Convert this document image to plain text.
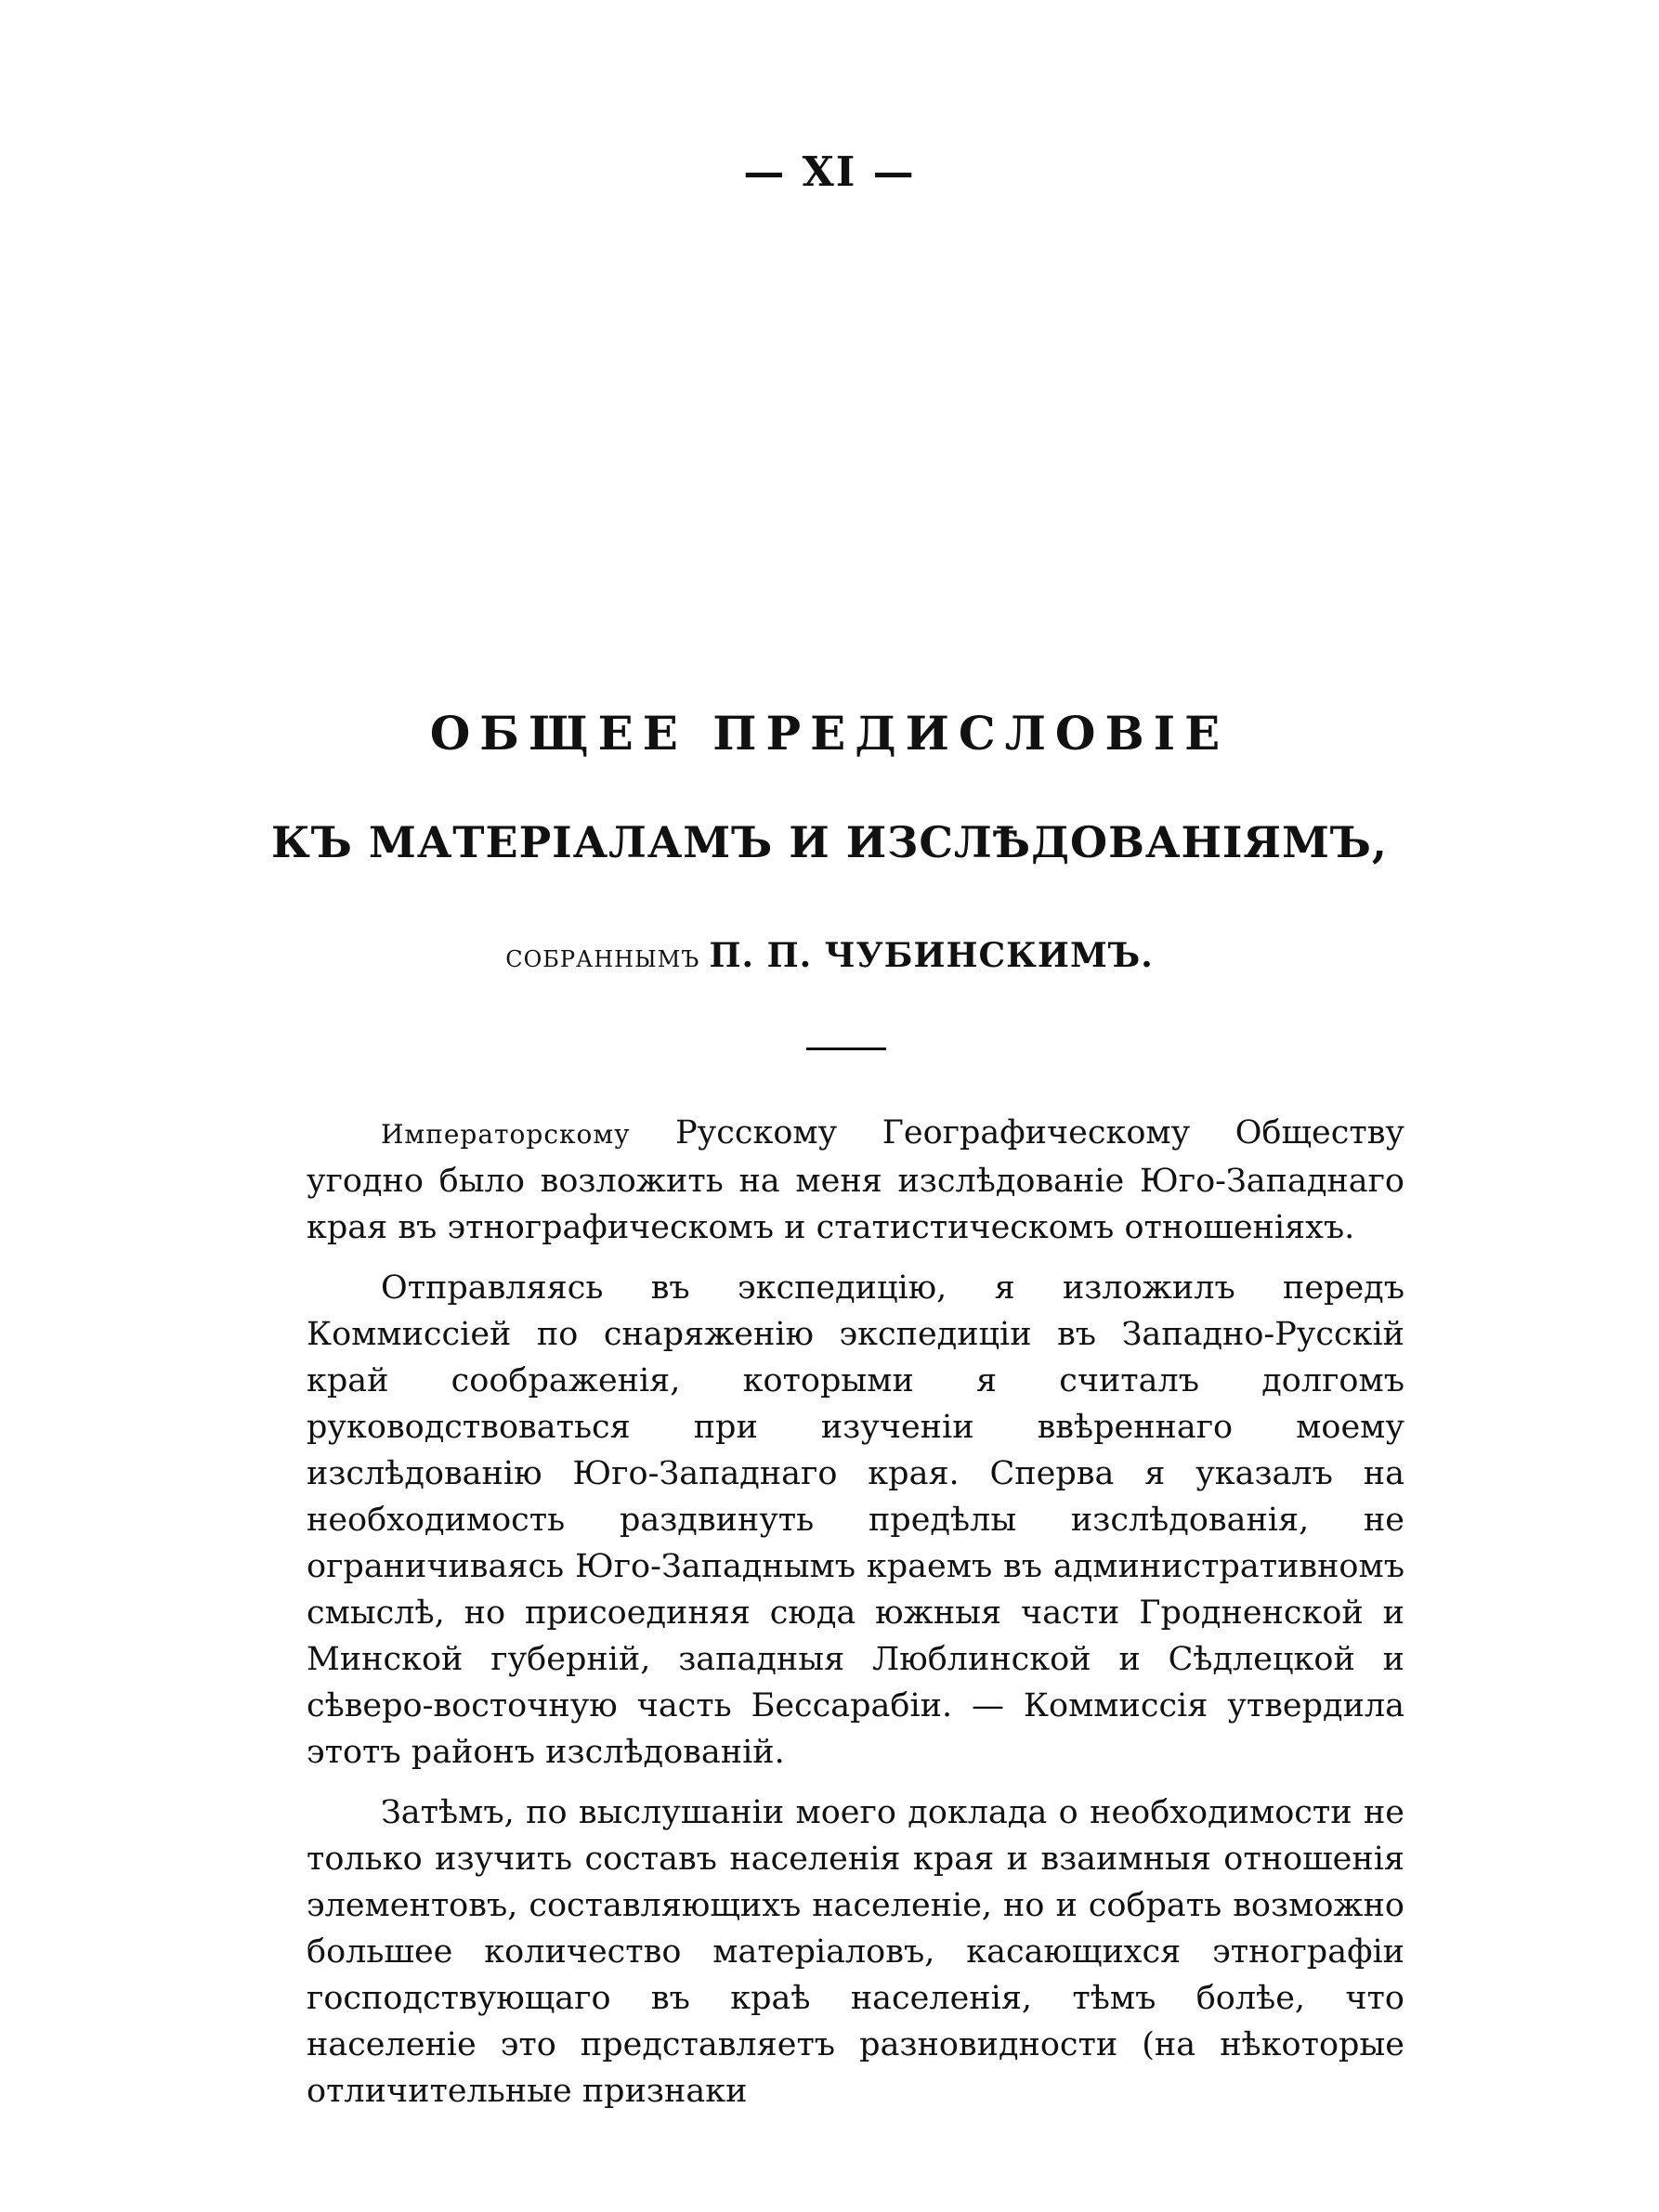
— XI —
ОБЩЕЕ ПРЕДИСЛОВІЕ
КЪ МАТЕРІАЛАМЪ И ИЗСЛѢДОВАНІЯМЪ,
СОБРАННЫМЪ П. П. ЧУБИНСКИМЪ.

Императорскому Русскому Географическому Обществу угодно было возложить на меня изслѣдованіе Юго-Западнаго края въ этнографическомъ и статистическомъ отношеніяхъ.

Отправляясь въ экспедицію, я изложилъ передъ Коммиссіей по снаряженію экспедиціи въ Западно-Русскій край соображенія, которыми я считалъ долгомъ руководствоваться при изученіи ввѣреннаго моему изслѣдованію Юго-Западнаго края. Сперва я указалъ на необходимость раздвинуть предѣлы изслѣдованія, не ограничиваясь Юго-Западнымъ краемъ въ административномъ смыслѣ, но присоединяя сюда южныя части Гродненской и Минской губерній, западныя Люблинской и Сѣдлецкой и сѣверо-восточную часть Бессарабіи. — Коммиссія утвердила этотъ районъ изслѣдованій.

Затѣмъ, по выслушаніи моего доклада о необходимости не только изучить составъ населенія края и взаимныя отношенія элементовъ, составляющихъ населеніе, но и собрать возможно большее количество матеріаловъ, касающихся этнографіи господствующаго въ краѣ населенія, тѣмъ болѣе, что населеніе это представляетъ разновидности (на нѣкоторые отличительные признаки
